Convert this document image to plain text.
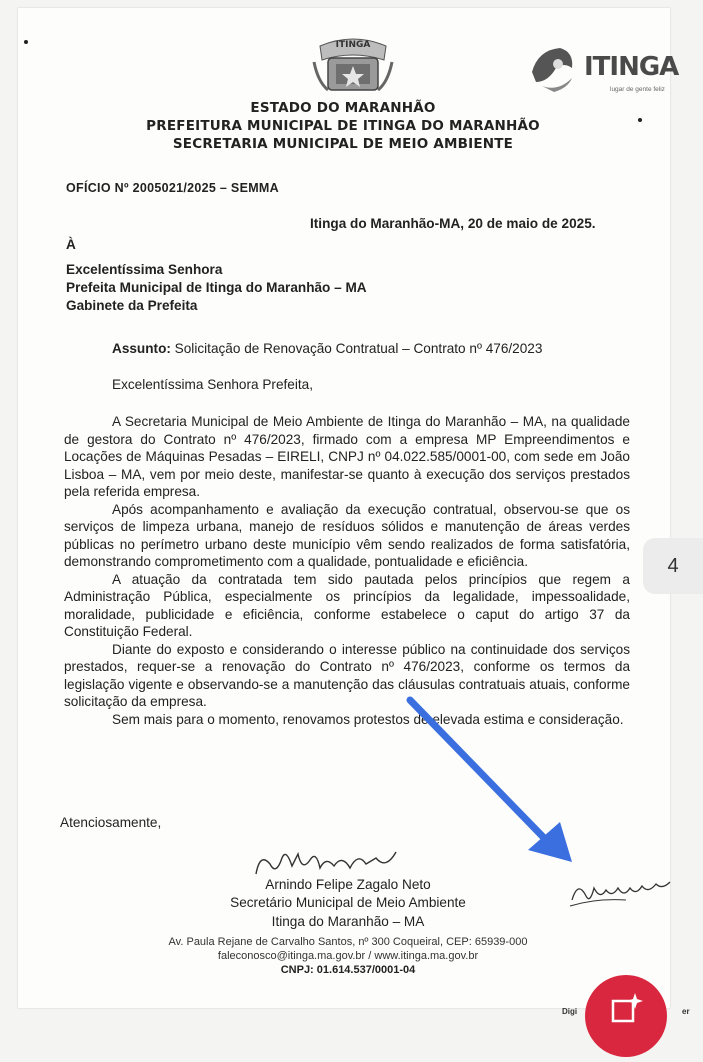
ITINGA
ITINGA
lugar de gente feliz
ESTADO DO MARANHÃO
PREFEITURA MUNICIPAL DE ITINGA DO MARANHÃO
SECRETARIA MUNICIPAL DE MEIO AMBIENTE
OFÍCIO Nº 2005021/2025 – SEMMA
Itinga do Maranhão-MA, 20 de maio de 2025.
À
Excelentíssima Senhora
Prefeita Municipal de Itinga do Maranhão – MA
Gabinete da Prefeita
Assunto: Solicitação de Renovação Contratual – Contrato nº 476/2023
Excelentíssima Senhora Prefeita,

A Secretaria Municipal de Meio Ambiente de Itinga do Maranhão – MA, na qualidade de gestora do Contrato nº 476/2023, firmado com a empresa MP Empreendimentos e Locações de Máquinas Pesadas – EIRELI, CNPJ nº 04.022.585/0001-00, com sede em João Lisboa – MA, vem por meio deste, manifestar-se quanto à execução dos serviços prestados pela referida empresa.

Após acompanhamento e avaliação da execução contratual, observou-se que os serviços de limpeza urbana, manejo de resíduos sólidos e manutenção de áreas verdes públicas no perímetro urbano deste município vêm sendo realizados de forma satisfatória, demonstrando comprometimento com a qualidade, pontualidade e eficiência.

A atuação da contratada tem sido pautada pelos princípios que regem a Administração Pública, especialmente os princípios da legalidade, impessoalidade, moralidade, publicidade e eficiência, conforme estabelece o caput do artigo 37 da Constituição Federal.

Diante do exposto e considerando o interesse público na continuidade dos serviços prestados, requer-se a renovação do Contrato nº 476/2023, conforme os termos da legislação vigente e observando-se a manutenção das cláusulas contratuais atuais, conforme solicitação da empresa.

Sem mais para o momento, renovamos protestos de elevada estima e consideração.

Atenciosamente,
Arnindo Felipe Zagalo Neto
Secretário Municipal de Meio Ambiente
Itinga do Maranhão – MA
Av. Paula Rejane de Carvalho Santos, nº 300 Coqueiral, CEP: 65939-000
faleconosco@itinga.ma.gov.br / www.itinga.ma.gov.br
CNPJ: 01.614.537/0001-04
4
Digi	er
